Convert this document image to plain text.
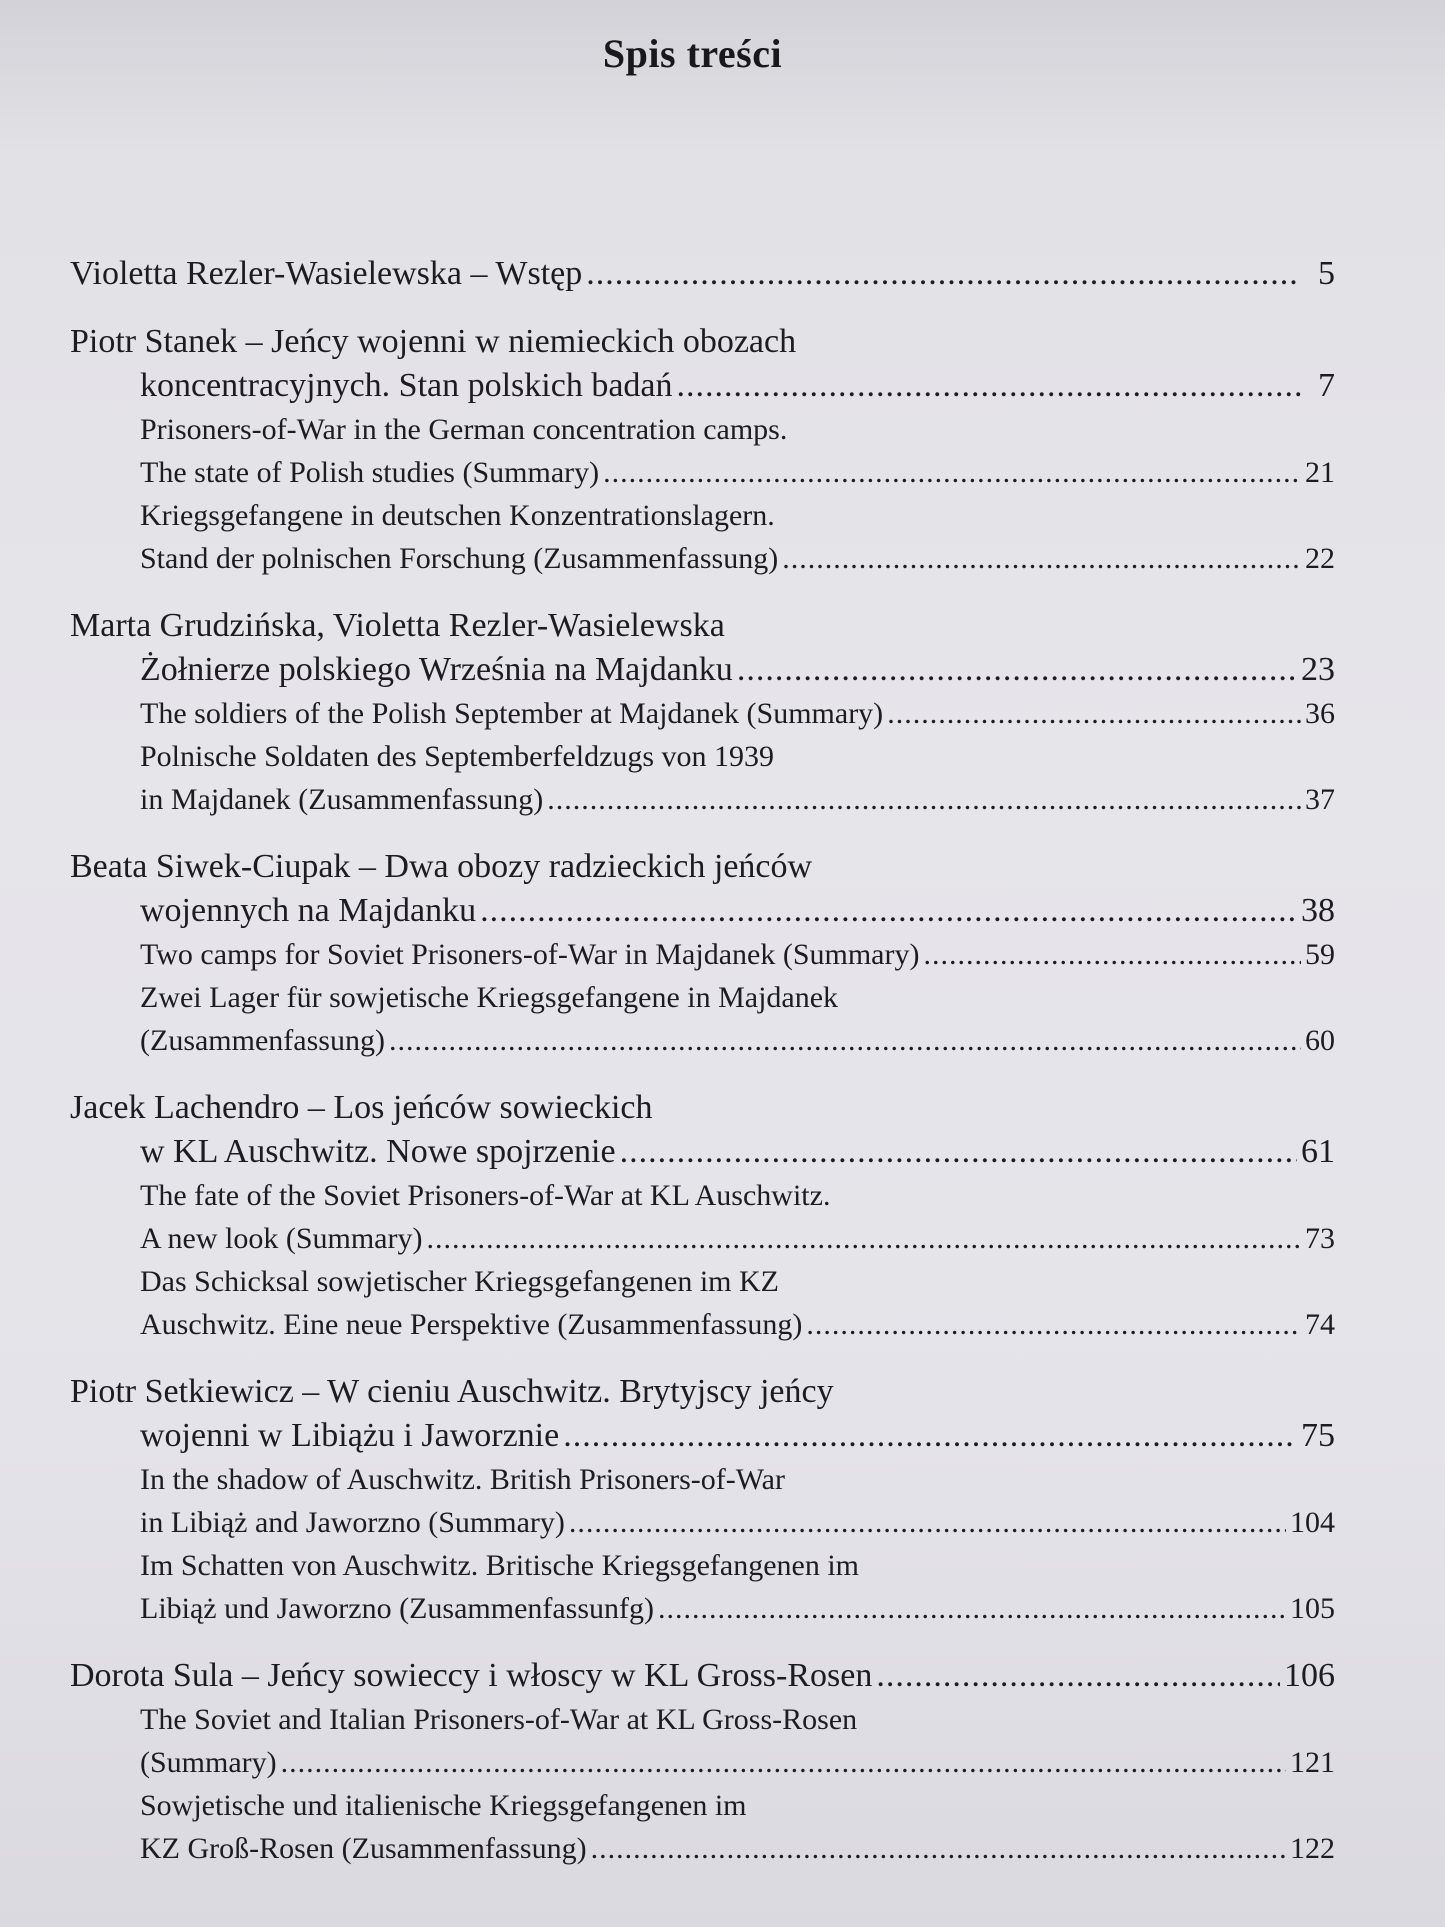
Spis treści
Violetta Rezler-Wasielewska – Wstęp .....	5
Piotr Stanek – Jeńcy wojenni w niemieckich obozach
koncentracyjnych. Stan polskich badań .....	7
Prisoners-of-War in the German concentration camps.
The state of Polish studies (Summary) .....	21
Kriegsgefangene in deutschen Konzentrationslagern.
Stand der polnischen Forschung (Zusammenfassung) .....	22
Marta Grudzińska, Violetta Rezler-Wasielewska
Żołnierze polskiego Września na Majdanku .....	23
The soldiers of the Polish September at Majdanek (Summary) .....	36
Polnische Soldaten des Septemberfeldzugs von 1939
in Majdanek (Zusammenfassung) .....	37
Beata Siwek-Ciupak – Dwa obozy radzieckich jeńców
wojennych na Majdanku .....	38
Two camps for Soviet Prisoners-of-War in Majdanek (Summary) .....	59
Zwei Lager für sowjetische Kriegsgefangene in Majdanek
(Zusammenfassung) .....	60
Jacek Lachendro – Los jeńców sowieckich
w KL Auschwitz. Nowe spojrzenie .....	61
The fate of the Soviet Prisoners-of-War at KL Auschwitz.
A new look (Summary) .....	73
Das Schicksal sowjetischer Kriegsgefangenen im KZ
Auschwitz. Eine neue Perspektive (Zusammenfassung) .....	74
Piotr Setkiewicz – W cieniu Auschwitz. Brytyjscy jeńcy
wojenni w Libiążu i Jaworznie .....	75
In the shadow of Auschwitz. British Prisoners-of-War
in Libiąż and Jaworzno (Summary) .....	104
Im Schatten von Auschwitz. Britische Kriegsgefangenen im
Libiąż und Jaworzno (Zusammenfassunfg) .....	105
Dorota Sula – Jeńcy sowieccy i włoscy w KL Gross-Rosen .....	106
The Soviet and Italian Prisoners-of-War at KL Gross-Rosen
(Summary) .....	121
Sowjetische und italienische Kriegsgefangenen im
KZ Groß-Rosen (Zusammenfassung) .....	122
